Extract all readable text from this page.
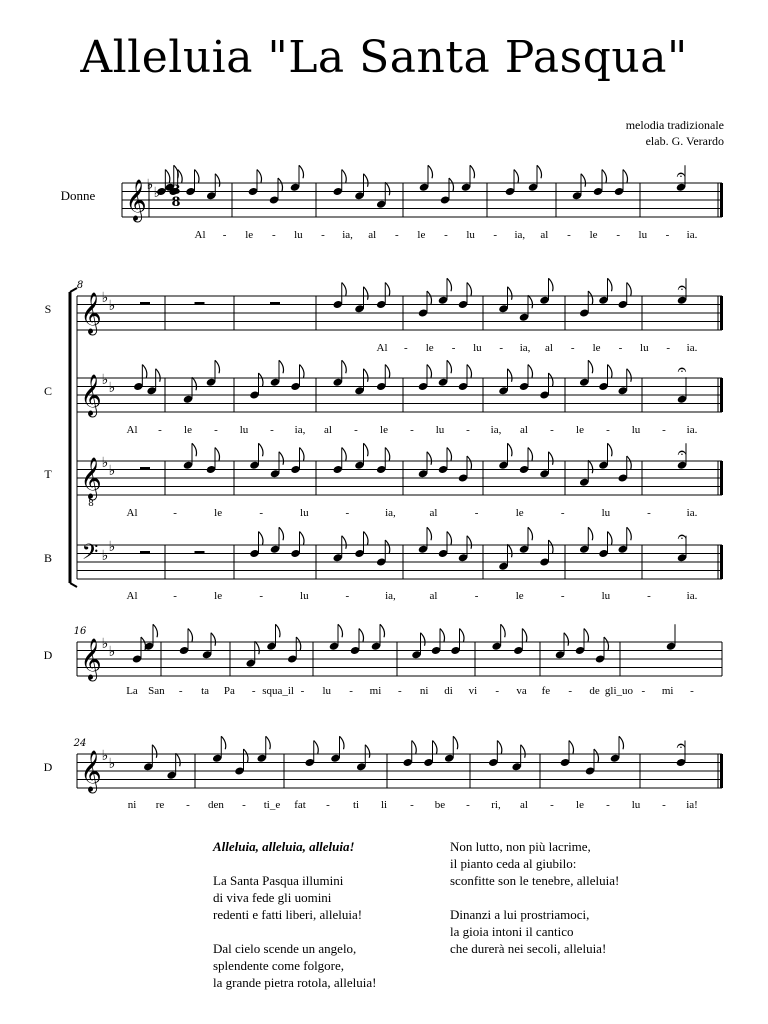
Alleluia "La Santa Pasqua"
melodia tradizionale
elab. G. Verardo
𝄞 ♭ ♭ 3
8
𝄐
Donne
Al - le - lu - ia, al - le - lu - ia, al - le - lu - ia.
𝄞 ♭ ♭
𝄐
S
Al - le - lu - ia, al - le - lu - ia.
𝄞 ♭ ♭
𝄐
C
Al - le - lu - ia, al - le - lu - ia, al - le - lu - ia.
𝄞
8
♭ ♭
𝄐
T
Al	-	le	-	lu	-	ia,	al	-	le	-	lu	-	ia.
𝄢 ♭
♭
𝄐
B
Al	-	le	-	lu	-	ia,	al	-	le	-	lu	-	ia.
8
𝄞 ♭ ♭
D
La San - ta Pa - squa_il - lu - mi - ni di vi - va fe - de gli_uo - mi -
16
𝄞 ♭ ♭
𝄐
D
ni re - den - ti_e fat - ti li - be - ri, al - le - lu - ia!
24
Alleluia, alleluia, alleluia!
La Santa Pasqua illumini
di viva fede gli uomini
redenti e fatti liberi, alleluia!
Dal cielo scende un angelo,
splendente come folgore,
la grande pietra rotola, alleluia!
Non lutto, non più lacrime,
il pianto ceda al giubilo:
sconfitte son le tenebre, alleluia!
Dinanzi a lui prostriamoci,
la gioia intoni il cantico
che durerà nei secoli, alleluia!
